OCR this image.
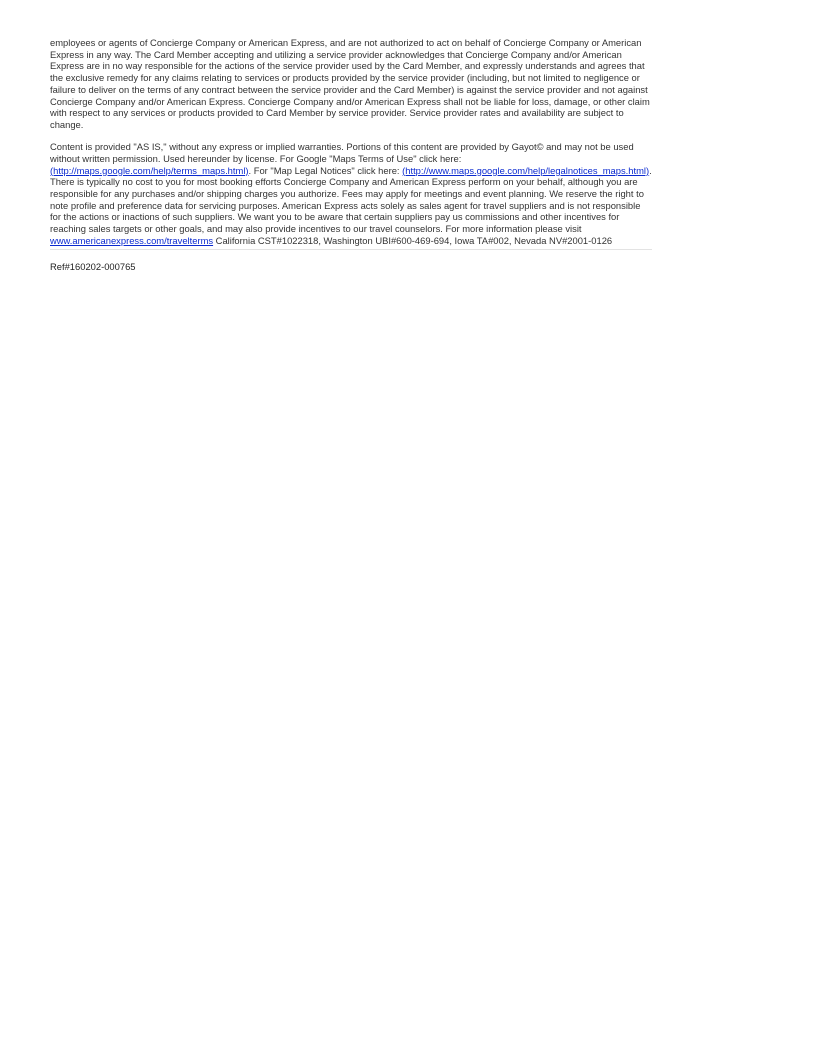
employees or agents of Concierge Company or American Express, and are not authorized to act on behalf of Concierge Company or American Express in any way. The Card Member accepting and utilizing a service provider acknowledges that Concierge Company and/or American Express are in no way responsible for the actions of the service provider used by the Card Member, and expressly understands and agrees that the exclusive remedy for any claims relating to services or products provided by the service provider (including, but not limited to negligence or failure to deliver on the terms of any contract between the service provider and the Card Member) is against the service provider and not against Concierge Company and/or American Express. Concierge Company and/or American Express shall not be liable for loss, damage, or other claim with respect to any services or products provided to Card Member by service provider. Service provider rates and availability are subject to change.

Content is provided "AS IS," without any express or implied warranties. Portions of this content are provided by Gayot© and may not be used without written permission. Used hereunder by license. For Google "Maps Terms of Use" click here: (http://maps.google.com/help/terms_maps.html). For "Map Legal Notices" click here: (http://www.maps.google.com/help/legalnotices_maps.html). There is typically no cost to you for most booking efforts Concierge Company and American Express perform on your behalf, although you are responsible for any purchases and/or shipping charges you authorize. Fees may apply for meetings and event planning. We reserve the right to note profile and preference data for servicing purposes. American Express acts solely as sales agent for travel suppliers and is not responsible for the actions or inactions of such suppliers. We want you to be aware that certain suppliers pay us commissions and other incentives for reaching sales targets or other goals, and may also provide incentives to our travel counselors. For more information please visit www.americanexpress.com/travelterms California CST#1022318, Washington UBI#600-469-694, Iowa TA#002, Nevada NV#2001-0126

Ref#160202-000765
